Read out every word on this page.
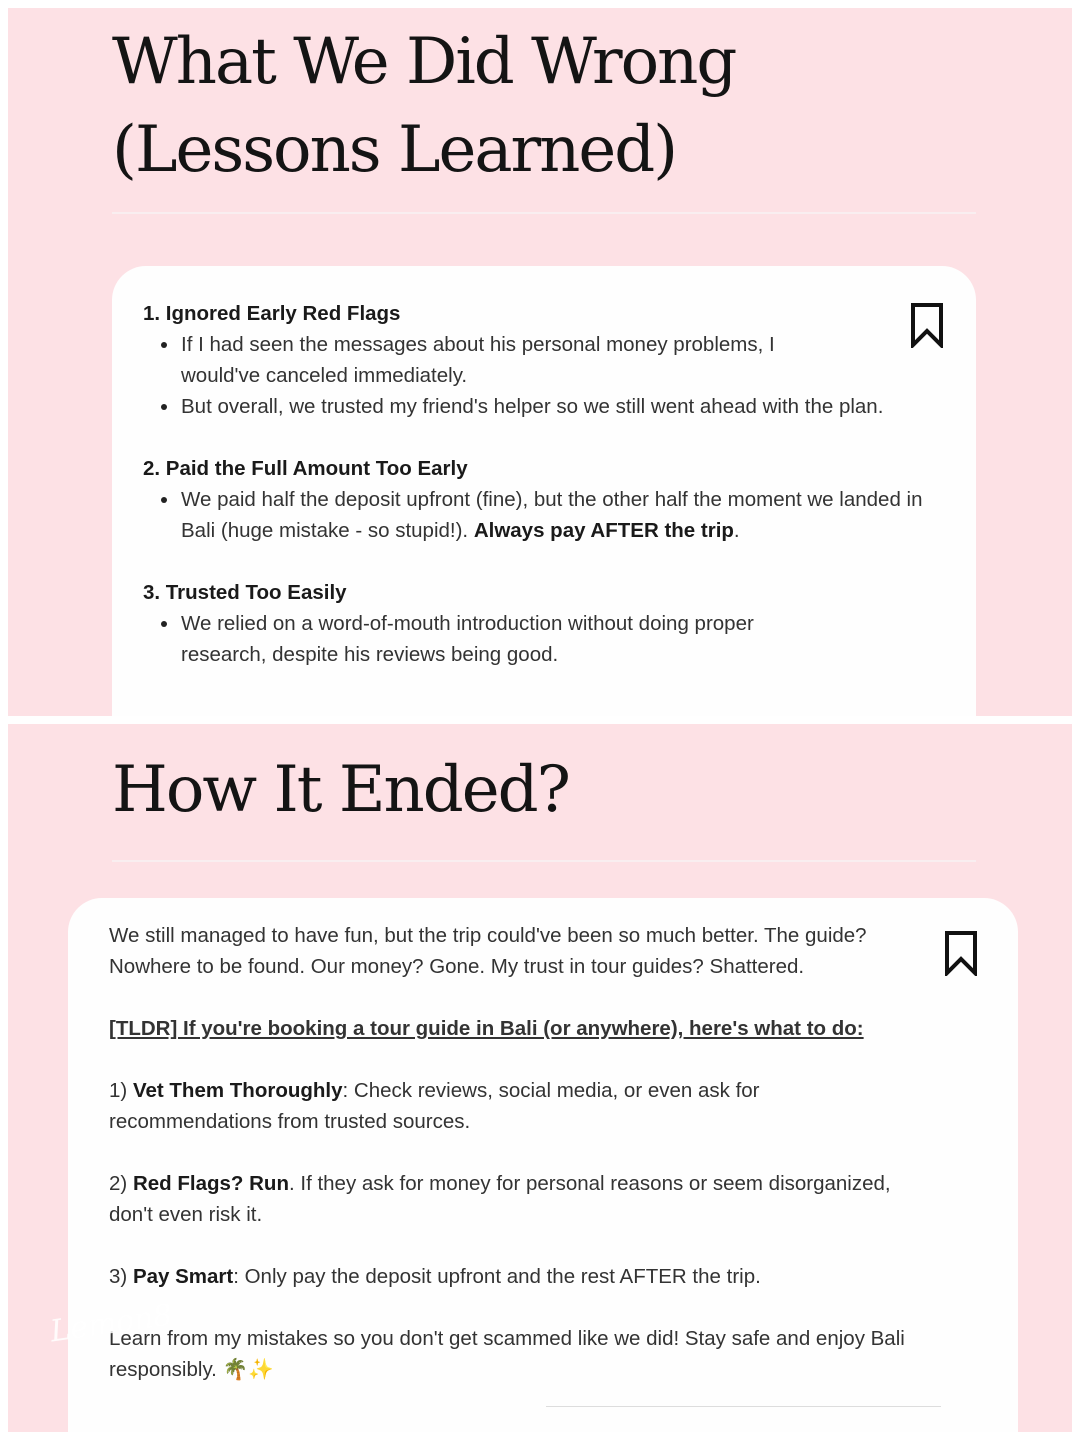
What We Did Wrong
(Lessons Learned)
1. Ignored Early Red Flags
If I had seen the messages about his personal money problems, I would've canceled immediately.
But overall, we trusted my friend's helper so we still went ahead with the plan.
2. Paid the Full Amount Too Early
We paid half the deposit upfront (fine), but the other half the moment we landed in Bali (huge mistake - so stupid!). Always pay AFTER the trip.
3. Trusted Too Easily
We relied on a word-of-mouth introduction without doing proper research, despite his reviews being good.
How It Ended?

We still managed to have fun, but the trip could've been so much better. The guide? Nowhere to be found. Our money? Gone. My trust in tour guides? Shattered.

[TLDR] If you're booking a tour guide in Bali (or anywhere), here's what to do:

1) Vet Them Thoroughly: Check reviews, social media, or even ask for recommendations from trusted sources.

2) Red Flags? Run. If they ask for money for personal reasons or seem disorganized, don't even risk it.

3) Pay Smart: Only pay the deposit upfront and the rest AFTER the trip.

Learn from my mistakes so you don't get scammed like we did! Stay safe and enjoy Bali responsibly. 🌴✨

Lemon8
